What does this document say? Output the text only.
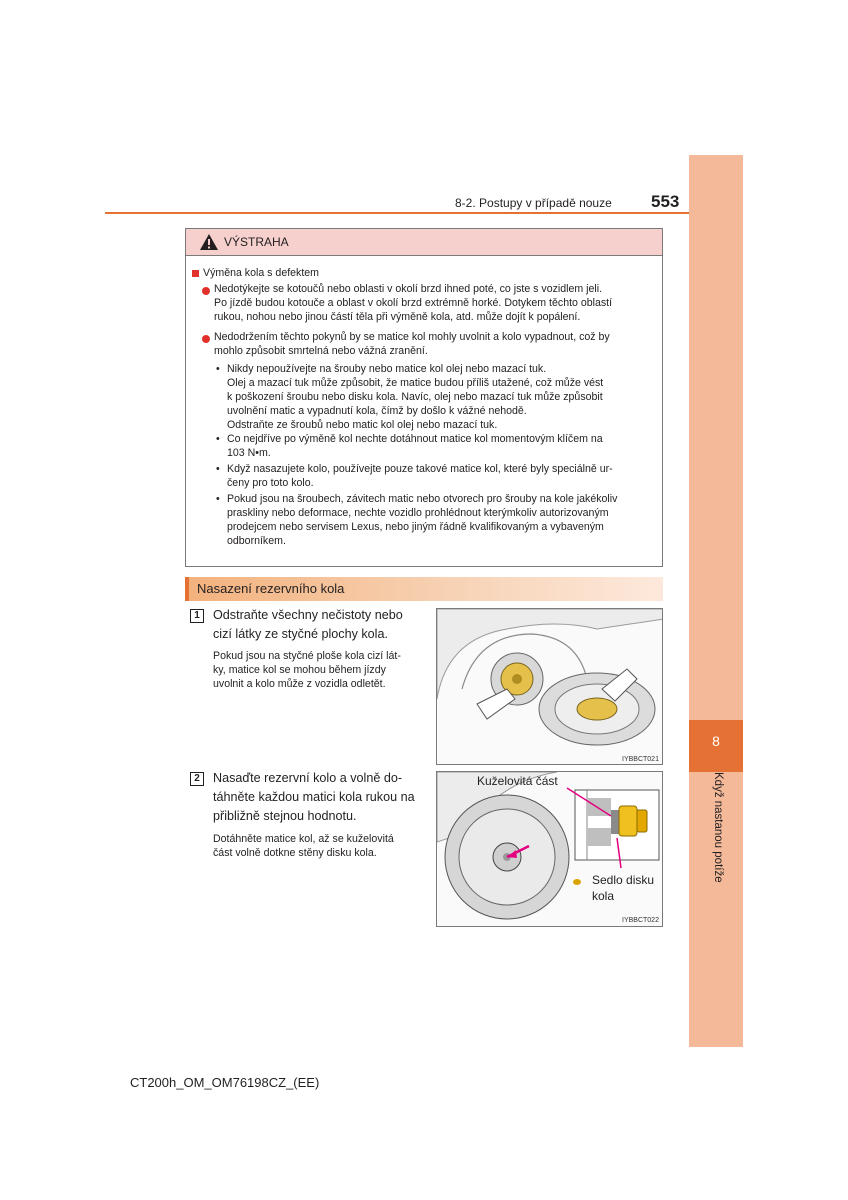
8
Když nastanou potíže
8-2. Postupy v případě nouze 553
VÝSTRAHA
Výměna kola s defektem
Nedotýkejte se kotoučů nebo oblasti v okolí brzd ihned poté, co jste s vozidlem jeli.
Po jízdě budou kotouče a oblast v okolí brzd extrémně horké. Dotykem těchto oblastí
rukou, nohou nebo jinou částí těla při výměně kola, atd. může dojít k popálení.
Nedodržením těchto pokynů by se matice kol mohly uvolnit a kolo vypadnout, což by
mohlo způsobit smrtelná nebo vážná zranění.
• Nikdy nepoužívejte na šrouby nebo matice kol olej nebo mazací tuk.
Olej a mazací tuk může způsobit, že matice budou příliš utažené, což může vést
k poškození šroubu nebo disku kola. Navíc, olej nebo mazací tuk může způsobit
uvolnění matic a vypadnutí kola, čímž by došlo k vážné nehodě.
Odstraňte ze šroubů nebo matic kol olej nebo mazací tuk.
• Co nejdříve po výměně kol nechte dotáhnout matice kol momentovým klíčem na
103 N•m.
• Když nasazujete kolo, používejte pouze takové matice kol, které byly speciálně ur-
čeny pro toto kolo.
• Pokud jsou na šroubech, závitech matic nebo otvorech pro šrouby na kole jakékoliv
praskliny nebo deformace, nechte vozidlo prohlédnout kterýmkoliv autorizovaným
prodejcem nebo servisem Lexus, nebo jiným řádně kvalifikovaným a vybaveným
odborníkem.
Nasazení rezervního kola
1	Odstraňte všechny nečistoty nebo
cizí látky ze styčné plochy kola.
Pokud jsou na styčné ploše kola cizí lát-
ky, matice kol se mohou během jízdy
uvolnit a kolo může z vozidla odletět.
IYBBCT021
2	Nasaďte rezervní kolo a volně do-
táhněte každou matici kola rukou na
přibližně stejnou hodnotu.
Dotáhněte matice kol, až se kuželovitá
část volně dotkne stěny disku kola.
Kuželovitá část
Sedlo disku
kola
IYBBCT022
CT200h_OM_OM76198CZ_(EE)
